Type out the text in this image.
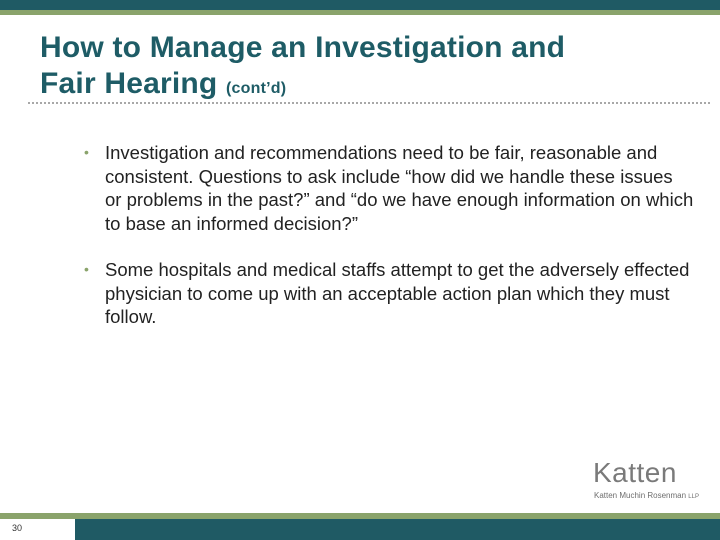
How to Manage an Investigation and
Fair Hearing (cont’d)
• Investigation and recommendations need to be fair, reasonable and consistent. Questions to ask include “how did we handle these issues or problems in the past?” and “do we have enough information on which to base an informed decision?”
• Some hospitals and medical staffs attempt to get the adversely effected physician to come up with an acceptable action plan which they must follow.
Katten
Katten Muchin Rosenman LLP
30
